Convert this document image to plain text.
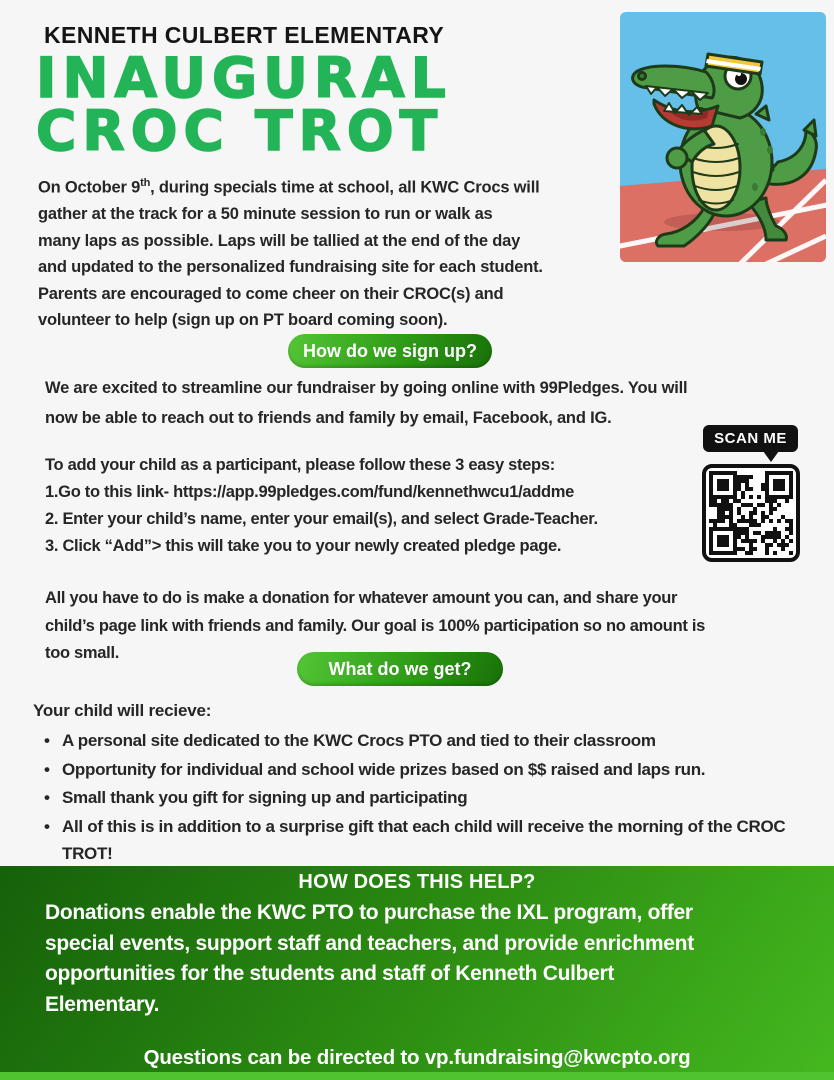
KENNETH CULBERT ELEMENTARY
INAUGURAL
CROC TROT
On October 9th, during specials time at school, all KWC Crocs will
gather at the track for a 50 minute session to run or walk as
many laps as possible. Laps will be tallied at the end of the day
and updated to the personalized fundraising site for each student.
Parents are encouraged to come cheer on their CROC(s) and
volunteer to help (sign up on PT board coming soon).
How do we sign up?
We are excited to streamline our fundraiser by going online with 99Pledges. You will
now be able to reach out to friends and family by email, Facebook, and IG.
To add your child as a participant, please follow these 3 easy steps:
1.Go to this link- https://app.99pledges.com/fund/kennethwcu1/addme
2. Enter your child’s name, enter your email(s), and select Grade-Teacher.
3. Click “Add”> this will take you to your newly created pledge page.
SCAN ME
All you have to do is make a donation for whatever amount you can, and share your
child’s page link with friends and family. Our goal is 100% participation so no amount is
too small.
What do we get?
Your child will recieve:
• A personal site dedicated to the KWC Crocs PTO and tied to their classroom
• Opportunity for individual and school wide prizes based on $$ raised and laps run.
• Small thank you gift for signing up and participating
• All of this is in addition to a surprise gift that each child will receive the morning of the CROC TROT!
HOW DOES THIS HELP?
Donations enable the KWC PTO to purchase the IXL program, offer
special events, support staff and teachers, and provide enrichment
opportunities for the students and staff of Kenneth Culbert
Elementary.
Questions can be directed to vp.fundraising@kwcpto.org
